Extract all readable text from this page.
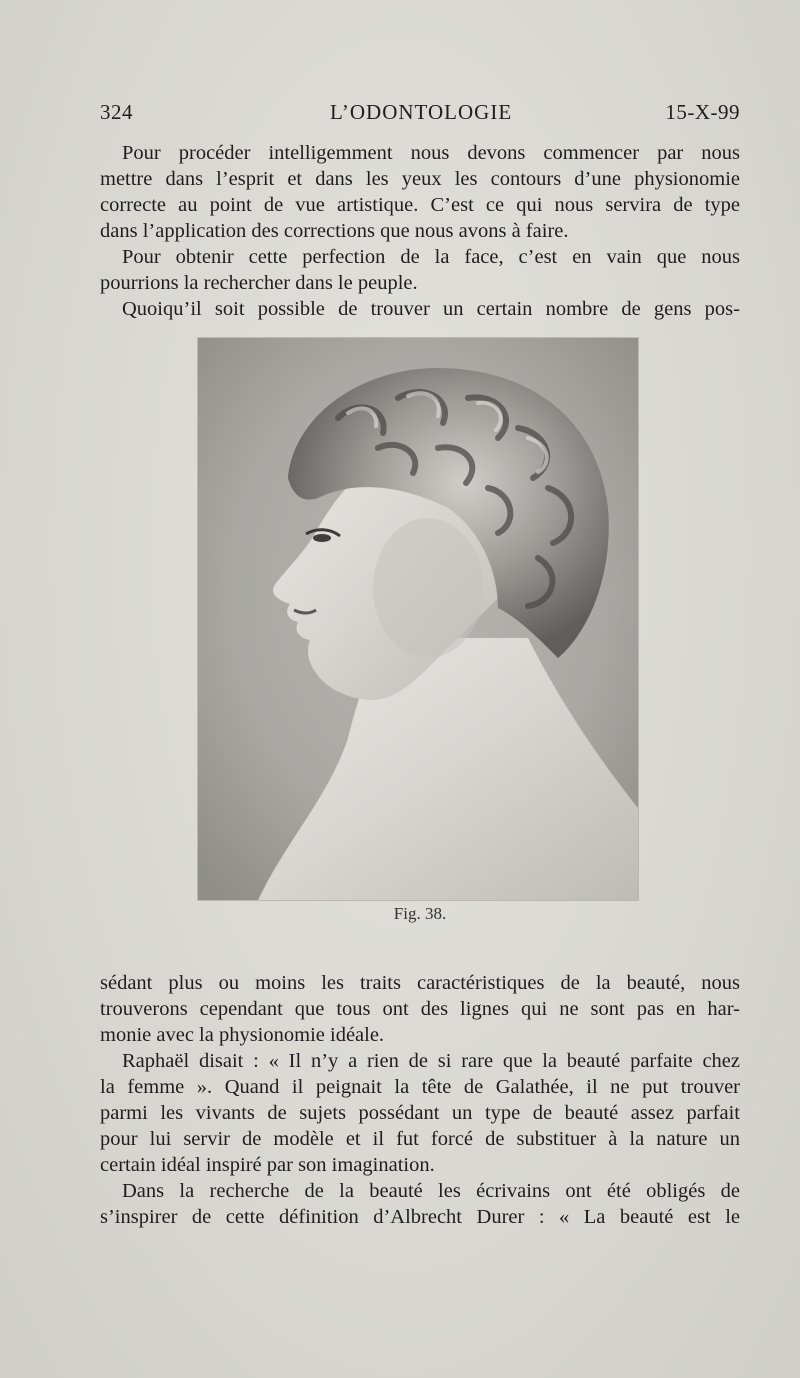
324	L’ODONTOLOGIE	15-X-99
Pour procéder intelligemment nous devons commencer par nous
mettre dans l’esprit et dans les yeux les contours d’une physionomie
correcte au point de vue artistique. C’est ce qui nous servira de type
dans l’application des corrections que nous avons à faire.
Pour obtenir cette perfection de la face, c’est en vain que nous
pourrions la rechercher dans le peuple.
Quoiqu’il soit possible de trouver un certain nombre de gens pos-
Fig. 38.
sédant plus ou moins les traits caractéristiques de la beauté, nous
trouverons cependant que tous ont des lignes qui ne sont pas en har-
monie avec la physionomie idéale.
Raphaël disait : « Il n’y a rien de si rare que la beauté parfaite chez
la femme ». Quand il peignait la tête de Galathée, il ne put trouver
parmi les vivants de sujets possédant un type de beauté assez parfait
pour lui servir de modèle et il fut forcé de substituer à la nature un
certain idéal inspiré par son imagination.
Dans la recherche de la beauté les écrivains ont été obligés de
s’inspirer de cette définition d’Albrecht Durer : « La beauté est le
